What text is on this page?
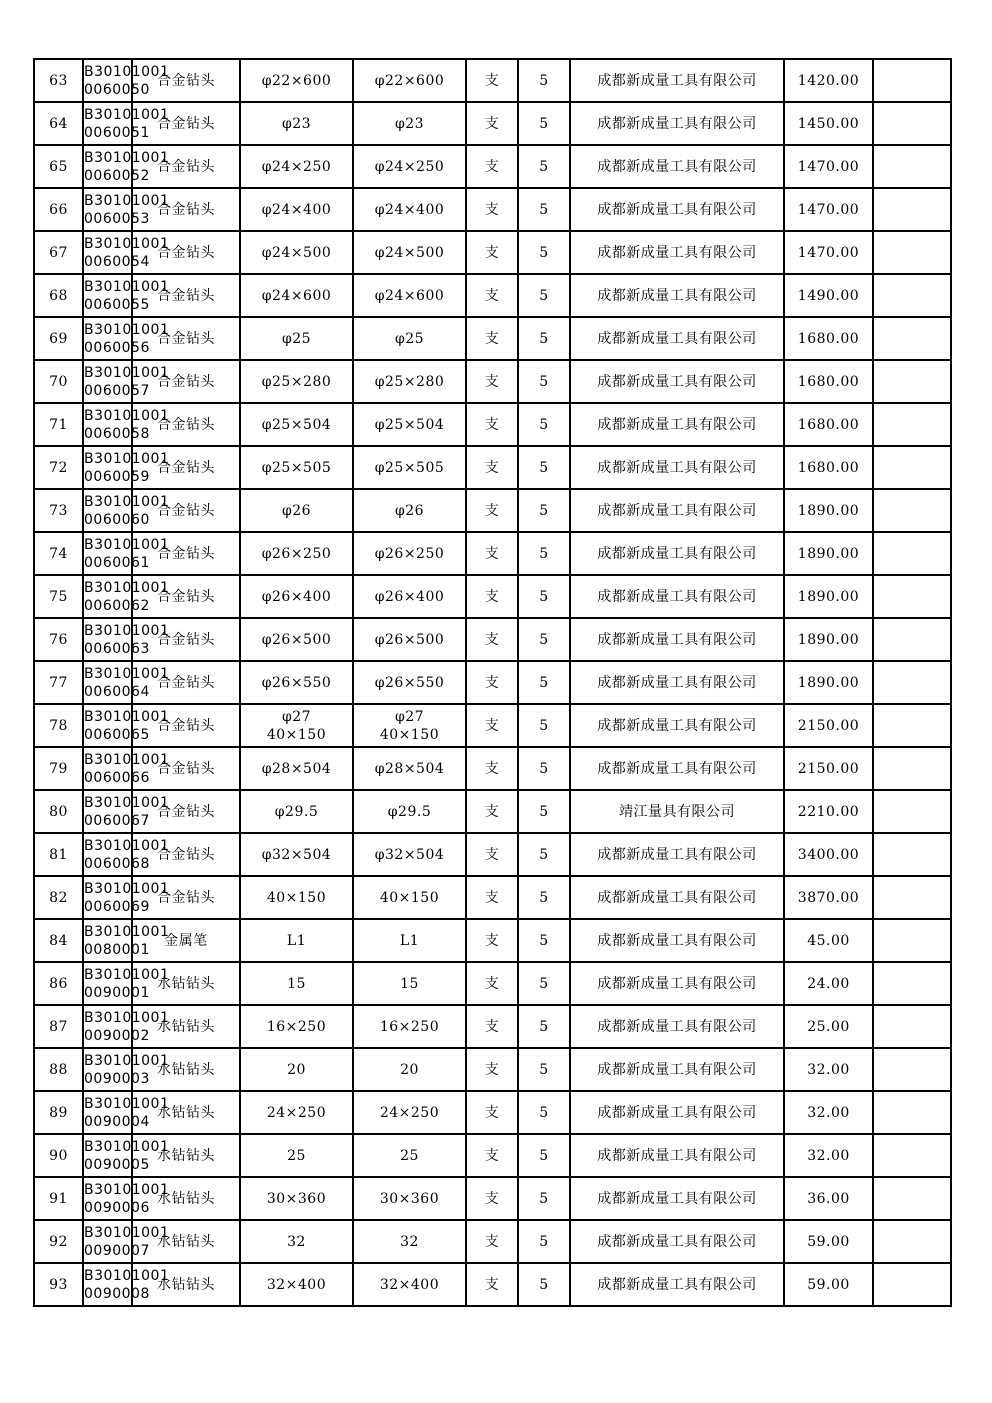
63	B30101001
0060050	合金钻头	φ22×600	φ22×600	支	5	成都新成量工具有限公司	1420.00	
64	B30101001
0060051	合金钻头	φ23	φ23	支	5	成都新成量工具有限公司	1450.00	
65	B30101001
0060052	合金钻头	φ24×250	φ24×250	支	5	成都新成量工具有限公司	1470.00	
66	B30101001
0060053	合金钻头	φ24×400	φ24×400	支	5	成都新成量工具有限公司	1470.00	
67	B30101001
0060054	合金钻头	φ24×500	φ24×500	支	5	成都新成量工具有限公司	1470.00	
68	B30101001
0060055	合金钻头	φ24×600	φ24×600	支	5	成都新成量工具有限公司	1490.00	
69	B30101001
0060056	合金钻头	φ25	φ25	支	5	成都新成量工具有限公司	1680.00	
70	B30101001
0060057	合金钻头	φ25×280	φ25×280	支	5	成都新成量工具有限公司	1680.00	
71	B30101001
0060058	合金钻头	φ25×504	φ25×504	支	5	成都新成量工具有限公司	1680.00	
72	B30101001
0060059	合金钻头	φ25×505	φ25×505	支	5	成都新成量工具有限公司	1680.00	
73	B30101001
0060060	合金钻头	φ26	φ26	支	5	成都新成量工具有限公司	1890.00	
74	B30101001
0060061	合金钻头	φ26×250	φ26×250	支	5	成都新成量工具有限公司	1890.00	
75	B30101001
0060062	合金钻头	φ26×400	φ26×400	支	5	成都新成量工具有限公司	1890.00	
76	B30101001
0060063	合金钻头	φ26×500	φ26×500	支	5	成都新成量工具有限公司	1890.00	
77	B30101001
0060064	合金钻头	φ26×550	φ26×550	支	5	成都新成量工具有限公司	1890.00	
78	B30101001
0060065	合金钻头	φ27
40×150	φ27
40×150	支	5	成都新成量工具有限公司	2150.00	
79	B30101001
0060066	合金钻头	φ28×504	φ28×504	支	5	成都新成量工具有限公司	2150.00	
80	B30101001
0060067	合金钻头	φ29.5	φ29.5	支	5	靖江量具有限公司	2210.00	
81	B30101001
0060068	合金钻头	φ32×504	φ32×504	支	5	成都新成量工具有限公司	3400.00	
82	B30101001
0060069	合金钻头	40×150	40×150	支	5	成都新成量工具有限公司	3870.00	
84	B30101001
0080001	金属笔	L1	L1	支	5	成都新成量工具有限公司	45.00	
86	B30101001
0090001	水钻钻头	15	15	支	5	成都新成量工具有限公司	24.00	
87	B30101001
0090002	水钻钻头	16×250	16×250	支	5	成都新成量工具有限公司	25.00	
88	B30101001
0090003	水钻钻头	20	20	支	5	成都新成量工具有限公司	32.00	
89	B30101001
0090004	水钻钻头	24×250	24×250	支	5	成都新成量工具有限公司	32.00	
90	B30101001
0090005	水钻钻头	25	25	支	5	成都新成量工具有限公司	32.00	
91	B30101001
0090006	水钻钻头	30×360	30×360	支	5	成都新成量工具有限公司	36.00	
92	B30101001
0090007	水钻钻头	32	32	支	5	成都新成量工具有限公司	59.00	
93	B30101001
0090008	水钻钻头	32×400	32×400	支	5	成都新成量工具有限公司	59.00	
